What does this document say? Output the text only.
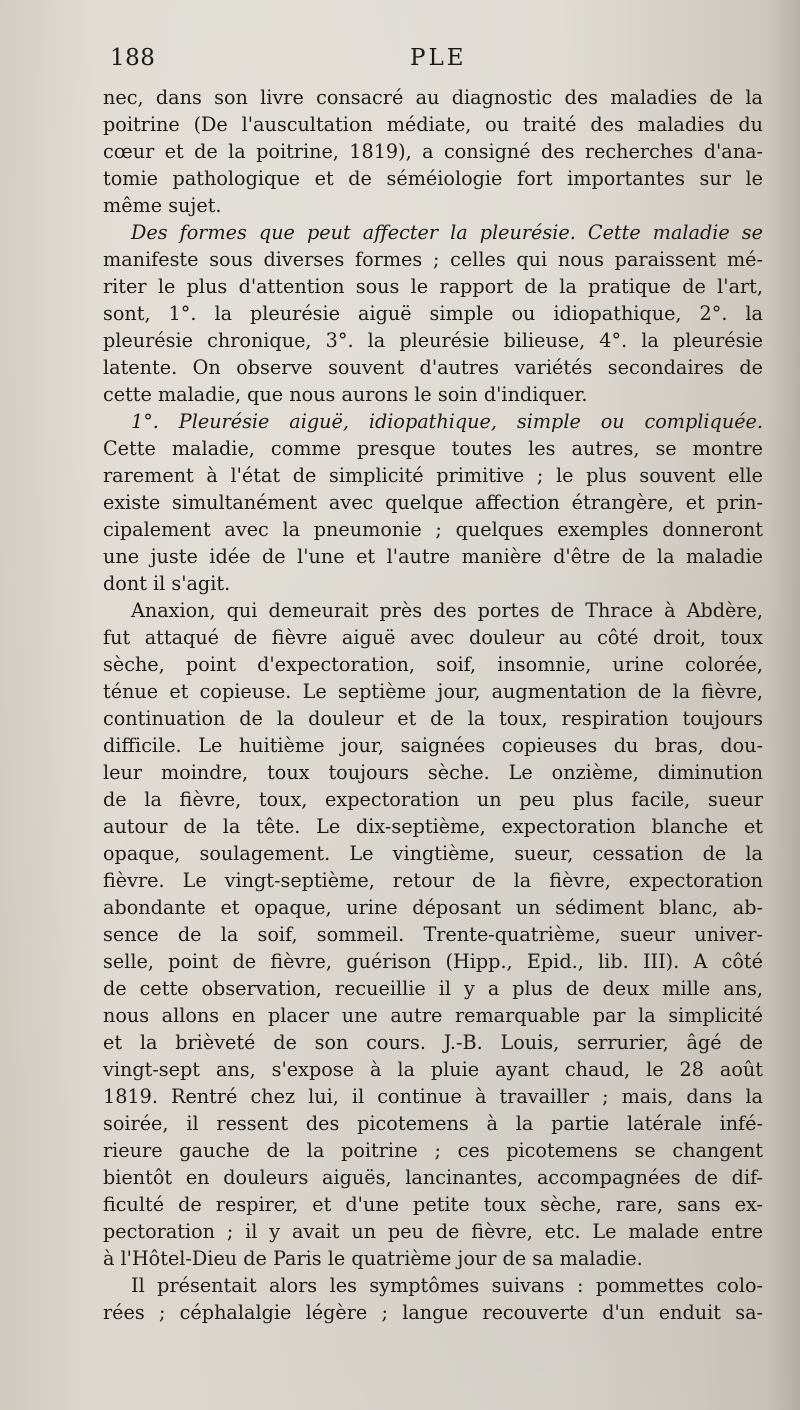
188	PLE
nec, dans son livre consacré au diagnostic des maladies de la
poitrine (De l'auscultation médiate, ou traité des maladies du
cœur et de la poitrine, 1819), a consigné des recherches d'ana-
tomie pathologique et de séméiologie fort importantes sur le
même sujet.
Des formes que peut affecter la pleurésie. Cette maladie se
manifeste sous diverses formes ; celles qui nous paraissent mé-
riter le plus d'attention sous le rapport de la pratique de l'art,
sont, 1°. la pleurésie aiguë simple ou idiopathique, 2°. la
pleurésie chronique, 3°. la pleurésie bilieuse, 4°. la pleurésie
latente. On observe souvent d'autres variétés secondaires de
cette maladie, que nous aurons le soin d'indiquer.
1°. Pleurésie aiguë, idiopathique, simple ou compliquée.
Cette maladie, comme presque toutes les autres, se montre
rarement à l'état de simplicité primitive ; le plus souvent elle
existe simultanément avec quelque affection étrangère, et prin-
cipalement avec la pneumonie ; quelques exemples donneront
une juste idée de l'une et l'autre manière d'être de la maladie
dont il s'agit.
Anaxion, qui demeurait près des portes de Thrace à Abdère,
fut attaqué de fièvre aiguë avec douleur au côté droit, toux
sèche, point d'expectoration, soif, insomnie, urine colorée,
ténue et copieuse. Le septième jour, augmentation de la fièvre,
continuation de la douleur et de la toux, respiration toujours
difficile. Le huitième jour, saignées copieuses du bras, dou-
leur moindre, toux toujours sèche. Le onzième, diminution
de la fièvre, toux, expectoration un peu plus facile, sueur
autour de la tête. Le dix-septième, expectoration blanche et
opaque, soulagement. Le vingtième, sueur, cessation de la
fièvre. Le vingt-septième, retour de la fièvre, expectoration
abondante et opaque, urine déposant un sédiment blanc, ab-
sence de la soif, sommeil. Trente-quatrième, sueur univer-
selle, point de fièvre, guérison (Hipp., Epid., lib. III). A côté
de cette observation, recueillie il y a plus de deux mille ans,
nous allons en placer une autre remarquable par la simplicité
et la brièveté de son cours. J.-B. Louis, serrurier, âgé de
vingt-sept ans, s'expose à la pluie ayant chaud, le 28 août
1819. Rentré chez lui, il continue à travailler ; mais, dans la
soirée, il ressent des picotemens à la partie latérale infé-
rieure gauche de la poitrine ; ces picotemens se changent
bientôt en douleurs aiguës, lancinantes, accompagnées de dif-
ficulté de respirer, et d'une petite toux sèche, rare, sans ex-
pectoration ; il y avait un peu de fièvre, etc. Le malade entre
à l'Hôtel-Dieu de Paris le quatrième jour de sa maladie.
Il présentait alors les symptômes suivans : pommettes colo-
rées ; céphalalgie légère ; langue recouverte d'un enduit sa-
